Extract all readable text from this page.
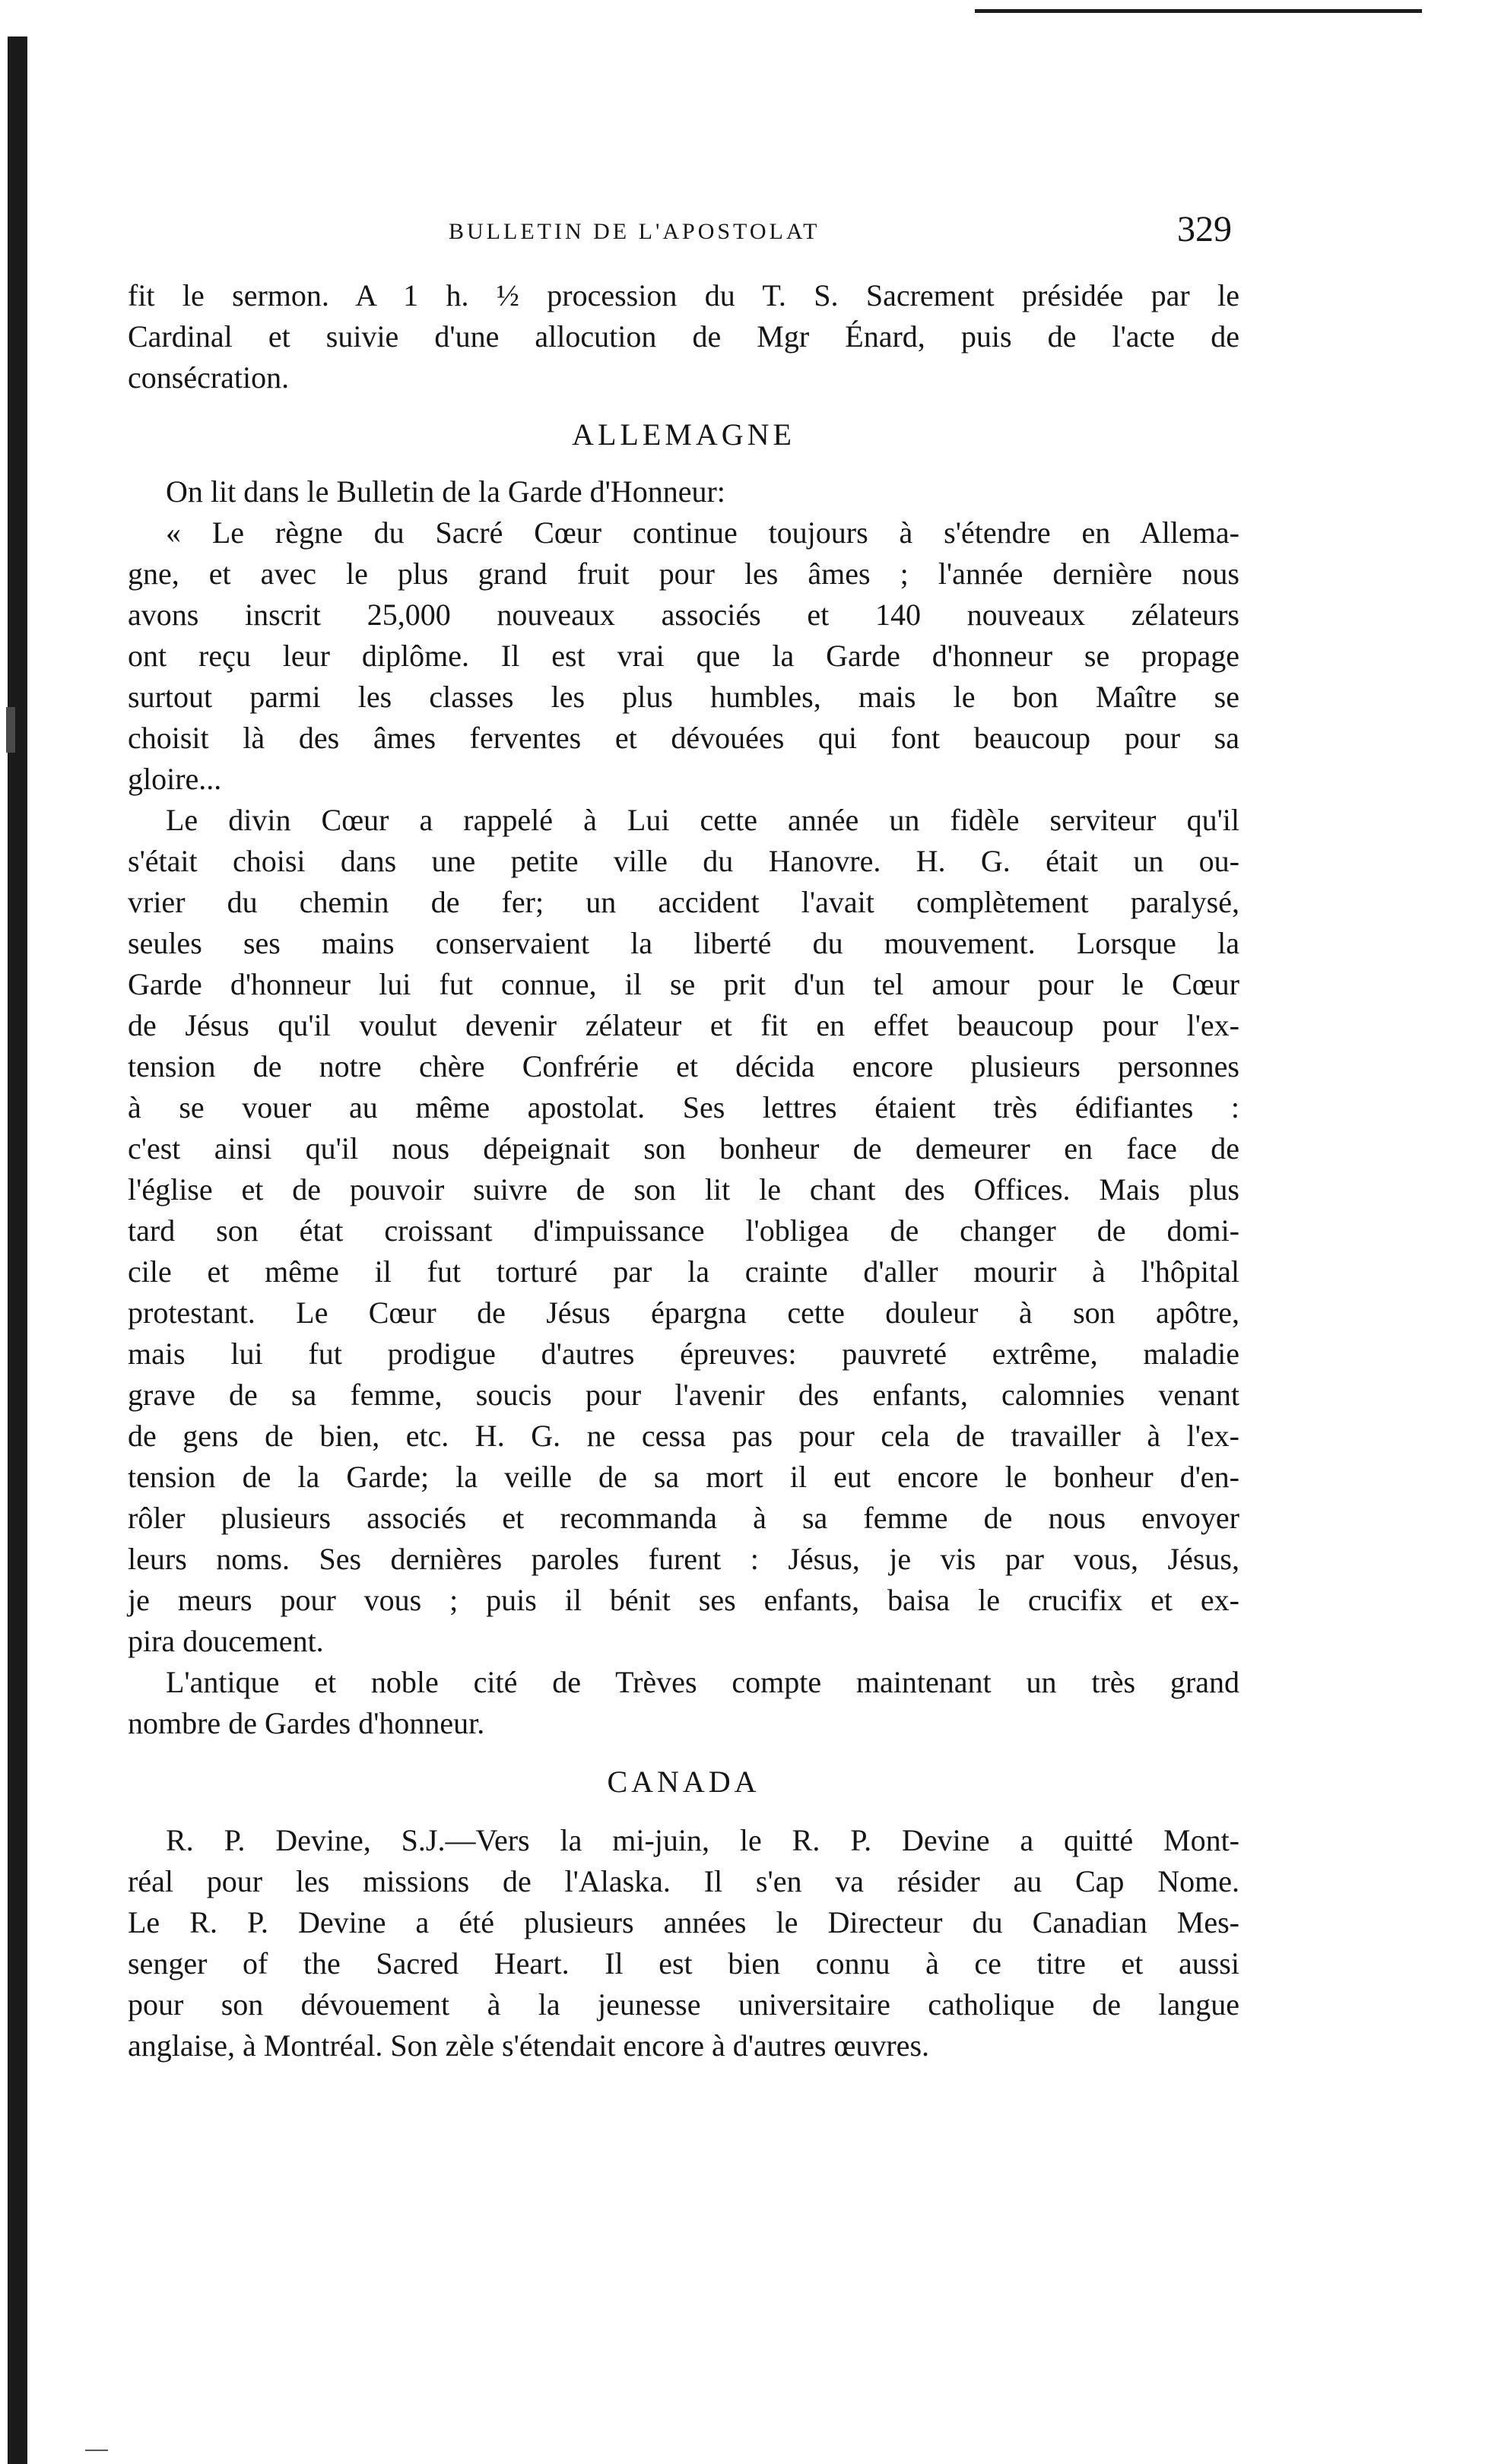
BULLETIN DE L'APOSTOLAT	329
fit le sermon. A 1 h. ½ procession du T. S. Sacrement présidée par le
Cardinal et suivie d'une allocution de Mgr Énard, puis de l'acte de
consécration.
ALLEMAGNE
On lit dans le Bulletin de la Garde d'Honneur:
« Le règne du Sacré Cœur continue toujours à s'étendre en Allema-
gne, et avec le plus grand fruit pour les âmes ; l'année dernière nous
avons inscrit 25,000 nouveaux associés et 140 nouveaux zélateurs
ont reçu leur diplôme. Il est vrai que la Garde d'honneur se propage
surtout parmi les classes les plus humbles, mais le bon Maître se
choisit là des âmes ferventes et dévouées qui font beaucoup pour sa
gloire...
Le divin Cœur a rappelé à Lui cette année un fidèle serviteur qu'il
s'était choisi dans une petite ville du Hanovre. H. G. était un ou-
vrier du chemin de fer; un accident l'avait complètement paralysé,
seules ses mains conservaient la liberté du mouvement. Lorsque la
Garde d'honneur lui fut connue, il se prit d'un tel amour pour le Cœur
de Jésus qu'il voulut devenir zélateur et fit en effet beaucoup pour l'ex-
tension de notre chère Confrérie et décida encore plusieurs personnes
à se vouer au même apostolat. Ses lettres étaient très édifiantes :
c'est ainsi qu'il nous dépeignait son bonheur de demeurer en face de
l'église et de pouvoir suivre de son lit le chant des Offices. Mais plus
tard son état croissant d'impuissance l'obligea de changer de domi-
cile et même il fut torturé par la crainte d'aller mourir à l'hôpital
protestant. Le Cœur de Jésus épargna cette douleur à son apôtre,
mais lui fut prodigue d'autres épreuves: pauvreté extrême, maladie
grave de sa femme, soucis pour l'avenir des enfants, calomnies venant
de gens de bien, etc. H. G. ne cessa pas pour cela de travailler à l'ex-
tension de la Garde; la veille de sa mort il eut encore le bonheur d'en-
rôler plusieurs associés et recommanda à sa femme de nous envoyer
leurs noms. Ses dernières paroles furent : Jésus, je vis par vous, Jésus,
je meurs pour vous ; puis il bénit ses enfants, baisa le crucifix et ex-
pira doucement.
L'antique et noble cité de Trèves compte maintenant un très grand
nombre de Gardes d'honneur.
CANADA
R. P. Devine, S.J.—Vers la mi-juin, le R. P. Devine a quitté Mont-
réal pour les missions de l'Alaska. Il s'en va résider au Cap Nome.
Le R. P. Devine a été plusieurs années le Directeur du Canadian Mes-
senger of the Sacred Heart. Il est bien connu à ce titre et aussi
pour son dévouement à la jeunesse universitaire catholique de langue
anglaise, à Montréal. Son zèle s'étendait encore à d'autres œuvres.
